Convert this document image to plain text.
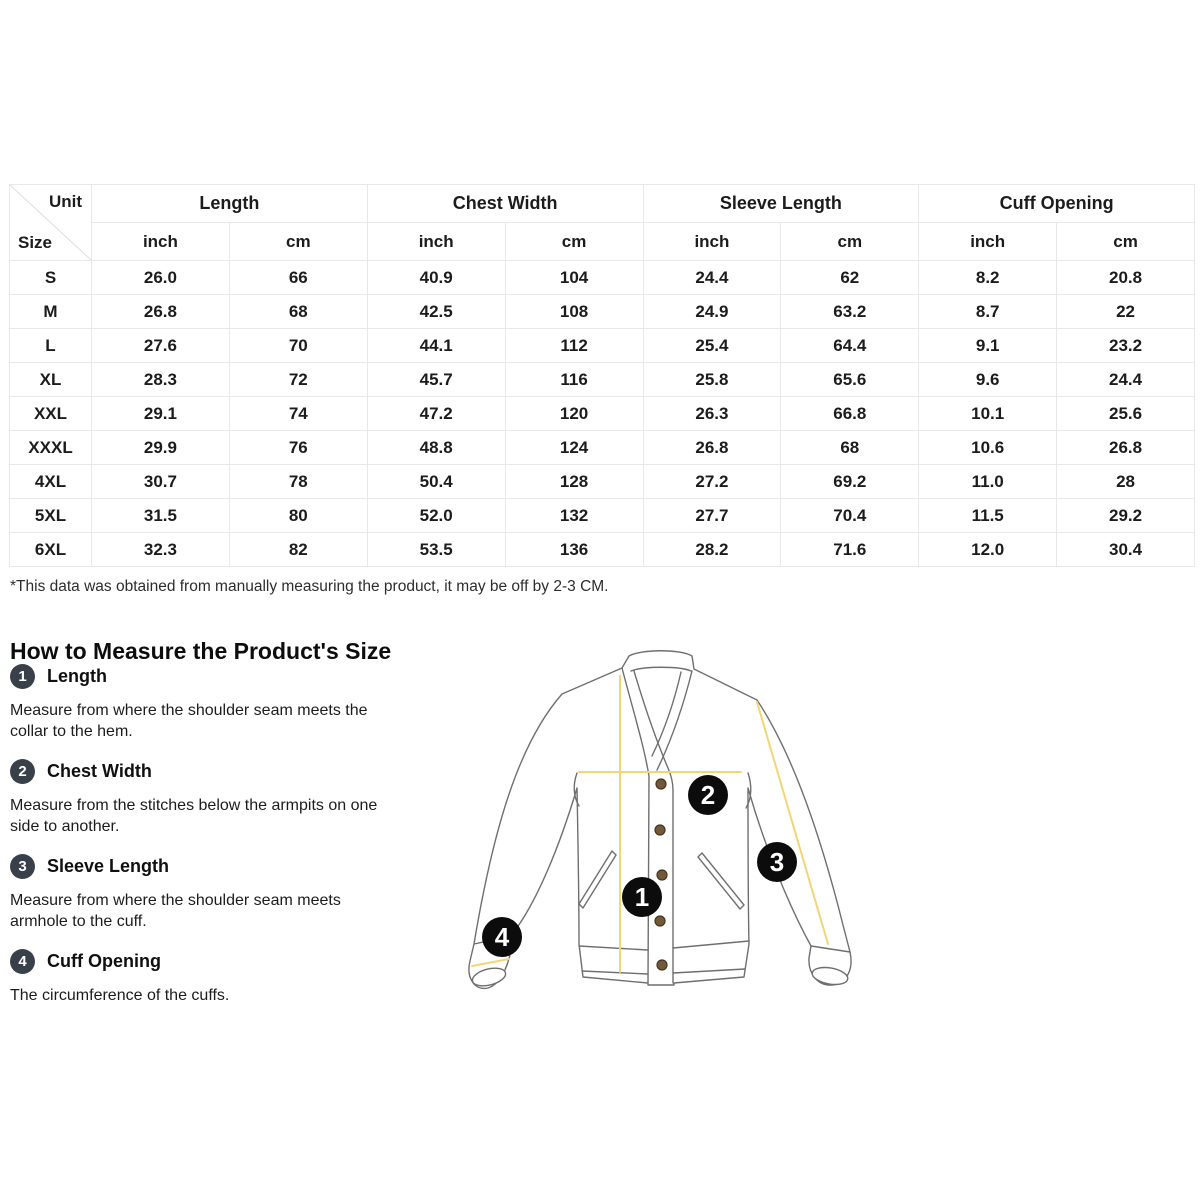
Unit
Size	Length		Chest Width		Sleeve Length		Cuff Opening	
	inch	cm	inch	cm	inch	cm	inch	cm
S	26.0	66	40.9	104	24.4	62	8.2	20.8
M	26.8	68	42.5	108	24.9	63.2	8.7	22
L	27.6	70	44.1	112	25.4	64.4	9.1	23.2
XL	28.3	72	45.7	116	25.8	65.6	9.6	24.4
XXL	29.1	74	47.2	120	26.3	66.8	10.1	25.6
XXXL	29.9	76	48.8	124	26.8	68	10.6	26.8
4XL	30.7	78	50.4	128	27.2	69.2	11.0	28
5XL	31.5	80	52.0	132	27.7	70.4	11.5	29.2
6XL	32.3	82	53.5	136	28.2	71.6	12.0	30.4
*This data was obtained from manually measuring the product, it may be off by 2-3 CM.
How to Measure the Product's Size
1	Length
Measure from where the shoulder seam meets the
collar to the hem.
2	Chest Width
Measure from the stitches below the armpits on one
side to another.
3	Sleeve Length
Measure from where the shoulder seam meets
armhole to the cuff.
4	Cuff Opening
The circumference of the cuffs.
1
2
3
4
